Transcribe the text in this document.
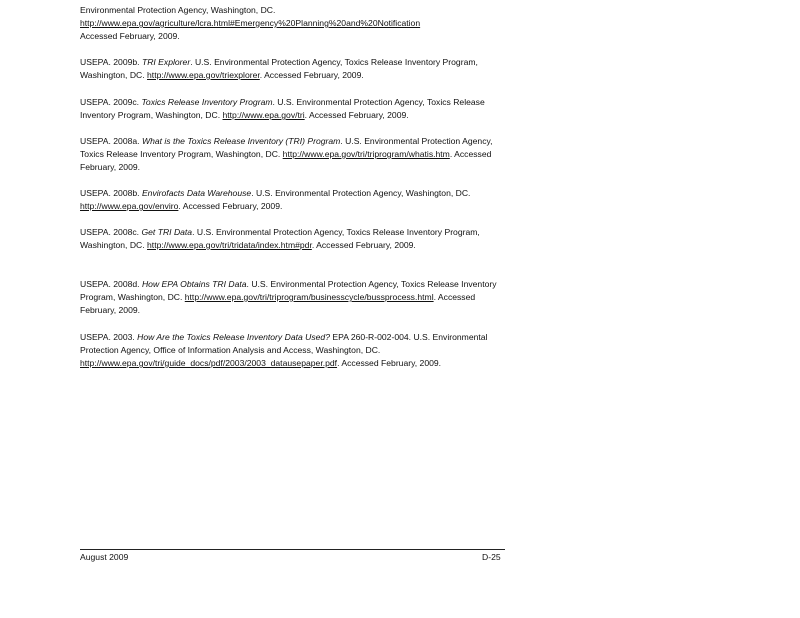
Environmental Protection Agency, Washington, DC.
http://www.epa.gov/agriculture/lcra.html#Emergency%20Planning%20and%20Notification
Accessed February, 2009.

USEPA. 2009b. TRI Explorer. U.S. Environmental Protection Agency, Toxics Release Inventory Program, Washington, DC. http://www.epa.gov/triexplorer. Accessed February, 2009.

USEPA. 2009c. Toxics Release Inventory Program. U.S. Environmental Protection Agency, Toxics Release Inventory Program, Washington, DC. http://www.epa.gov/tri. Accessed February, 2009.

USEPA. 2008a. What is the Toxics Release Inventory (TRI) Program. U.S. Environmental Protection Agency, Toxics Release Inventory Program, Washington, DC. http://www.epa.gov/tri/triprogram/whatis.htm. Accessed February, 2009.

USEPA. 2008b. Envirofacts Data Warehouse. U.S. Environmental Protection Agency, Washington, DC. http://www.epa.gov/enviro. Accessed February, 2009.

USEPA. 2008c. Get TRI Data. U.S. Environmental Protection Agency, Toxics Release Inventory Program, Washington, DC. http://www.epa.gov/tri/tridata/index.htm#pdr. Accessed February, 2009.

USEPA. 2008d. How EPA Obtains TRI Data. U.S. Environmental Protection Agency, Toxics Release Inventory Program, Washington, DC. http://www.epa.gov/tri/triprogram/businesscycle/bussprocess.html. Accessed February, 2009.

USEPA. 2003. How Are the Toxics Release Inventory Data Used? EPA 260-R-002-004. U.S. Environmental Protection Agency, Office of Information Analysis and Access, Washington, DC. http://www.epa.gov/tri/guide_docs/pdf/2003/2003_datausepaper.pdf. Accessed February, 2009.

August 2009	D-25
